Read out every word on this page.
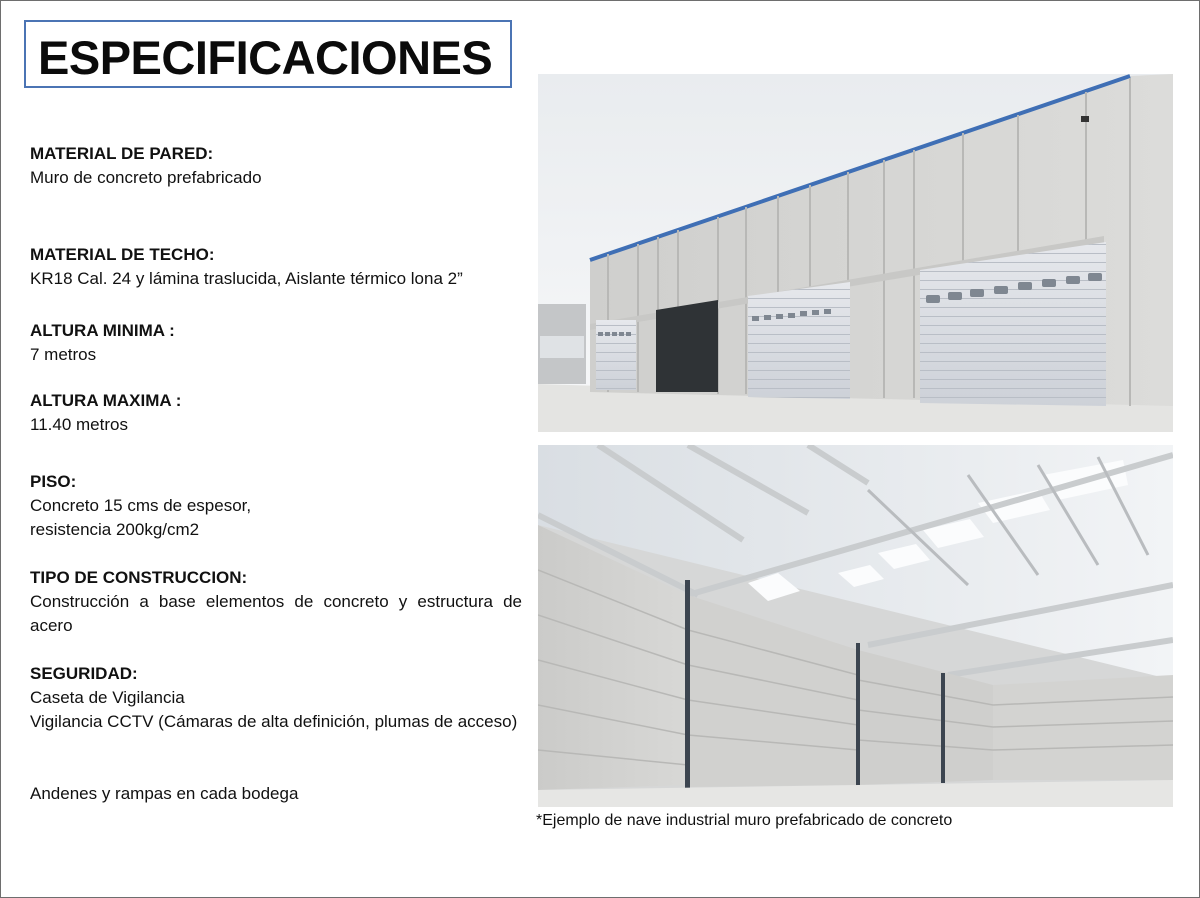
ESPECIFICACIONES
MATERIAL DE PARED:
Muro de concreto prefabricado
MATERIAL DE TECHO:
KR18 Cal. 24 y lámina traslucida, Aislante térmico lona 2”
ALTURA MINIMA :
7 metros
ALTURA MAXIMA :
11.40 metros
PISO:
Concreto 15 cms de espesor,
resistencia 200kg/cm2
TIPO DE CONSTRUCCION:
Construcción a base elementos de concreto y estructura de acero
SEGURIDAD:
Caseta de Vigilancia
Vigilancia CCTV (Cámaras de alta definición, plumas de acceso)
Andenes y rampas en cada bodega
*Ejemplo de nave industrial muro prefabricado de concreto
